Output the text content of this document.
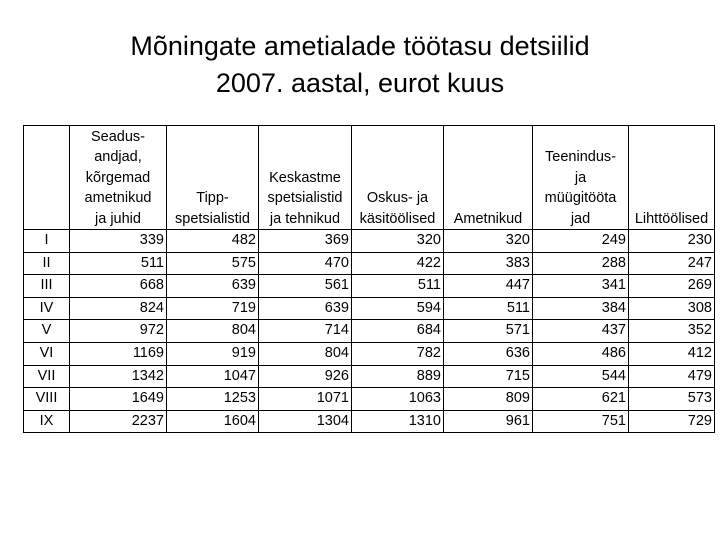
Mõningate ametialade töötasu detsiilid
2007. aastal, eurot kuus

	Seadus-
andjad,
kõrgemad
ametnikud
ja juhid	Tipp-
spetsialistid	Keskastme
spetsialistid
ja tehnikud	Oskus- ja
käsitöölised	Ametnikud	Teenindus-
ja
müügitööta
jad	Lihttöölised

I	339	482	369	320	320	249	230
II	511	575	470	422	383	288	247
III	668	639	561	511	447	341	269
IV	824	719	639	594	511	384	308
V	972	804	714	684	571	437	352
VI	1169	919	804	782	636	486	412
VII	1342	1047	926	889	715	544	479
VIII	1649	1253	1071	1063	809	621	573
IX	2237	1604	1304	1310	961	751	729
